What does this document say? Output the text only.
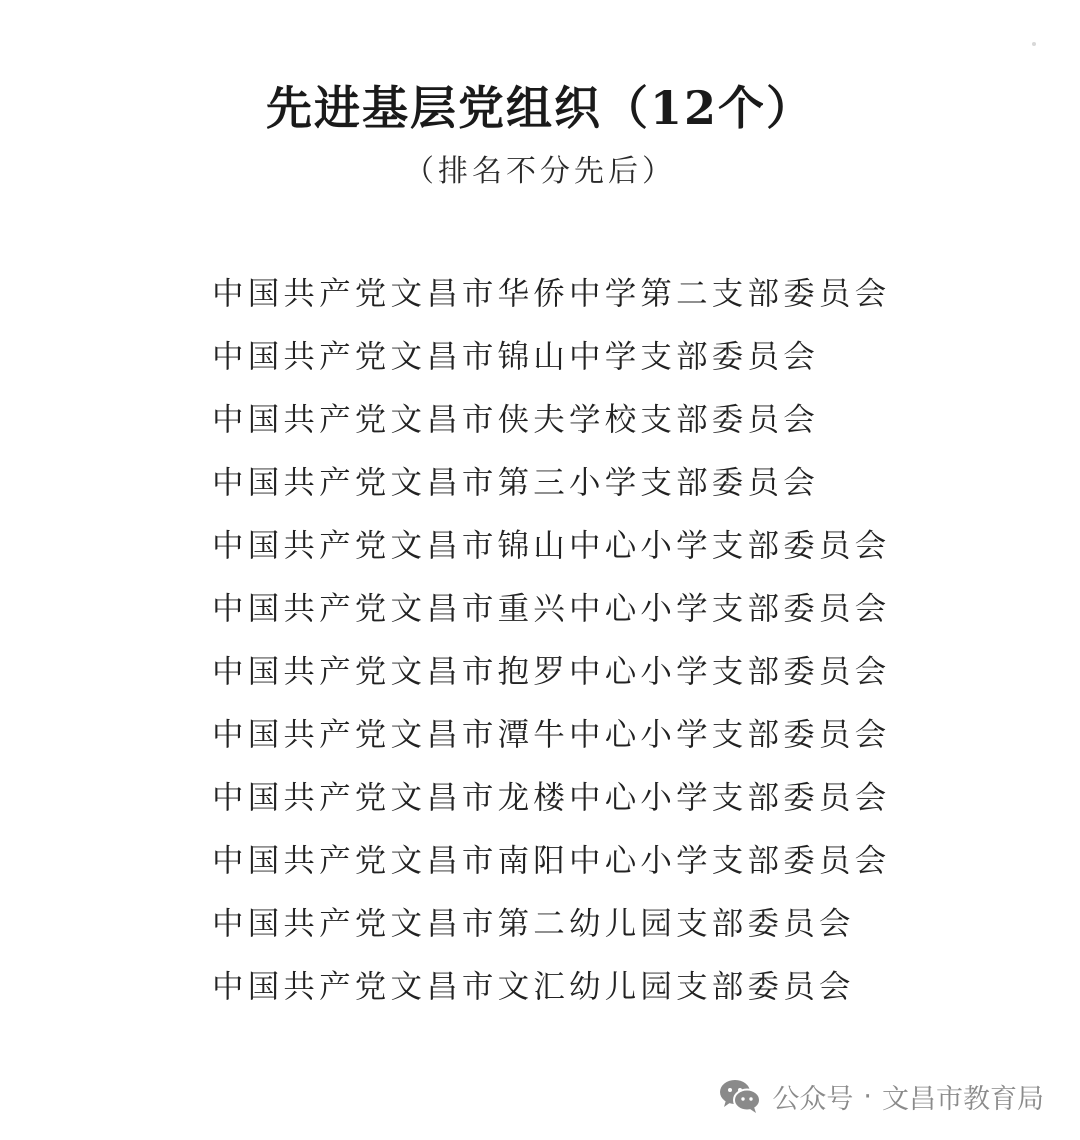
先进基层党组织（12个）
（排名不分先后）
中国共产党文昌市华侨中学第二支部委员会
中国共产党文昌市锦山中学支部委员会
中国共产党文昌市侠夫学校支部委员会
中国共产党文昌市第三小学支部委员会
中国共产党文昌市锦山中心小学支部委员会
中国共产党文昌市重兴中心小学支部委员会
中国共产党文昌市抱罗中心小学支部委员会
中国共产党文昌市潭牛中心小学支部委员会
中国共产党文昌市龙楼中心小学支部委员会
中国共产党文昌市南阳中心小学支部委员会
中国共产党文昌市第二幼儿园支部委员会
中国共产党文昌市文汇幼儿园支部委员会
公众号 · 文昌市教育局
